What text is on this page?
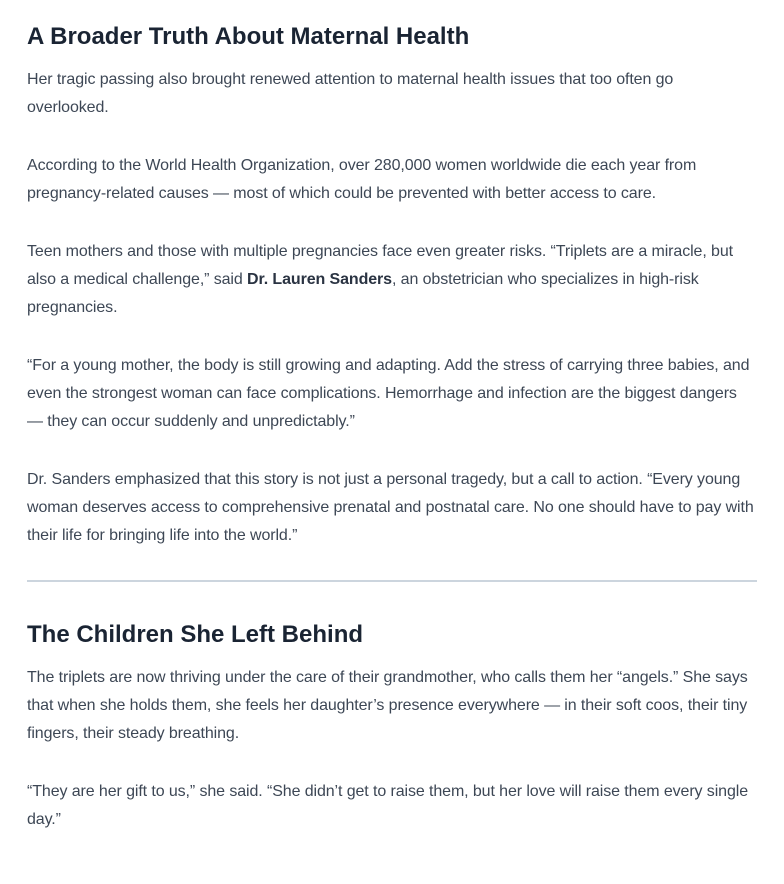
A Broader Truth About Maternal Health

Her tragic passing also brought renewed attention to maternal health issues that too often go overlooked.

According to the World Health Organization, over 280,000 women worldwide die each year from pregnancy-related causes — most of which could be prevented with better access to care.

Teen mothers and those with multiple pregnancies face even greater risks. “Triplets are a miracle, but also a medical challenge,” said Dr. Lauren Sanders, an obstetrician who specializes in high-risk pregnancies.

“For a young mother, the body is still growing and adapting. Add the stress of carrying three babies, and even the strongest woman can face complications. Hemorrhage and infection are the biggest dangers — they can occur suddenly and unpredictably.”

Dr. Sanders emphasized that this story is not just a personal tragedy, but a call to action. “Every young woman deserves access to comprehensive prenatal and postnatal care. No one should have to pay with their life for bringing life into the world.”

The Children She Left Behind

The triplets are now thriving under the care of their grandmother, who calls them her “angels.” She says that when she holds them, she feels her daughter’s presence everywhere — in their soft coos, their tiny fingers, their steady breathing.

“They are her gift to us,” she said. “She didn’t get to raise them, but her love will raise them every single day.”
